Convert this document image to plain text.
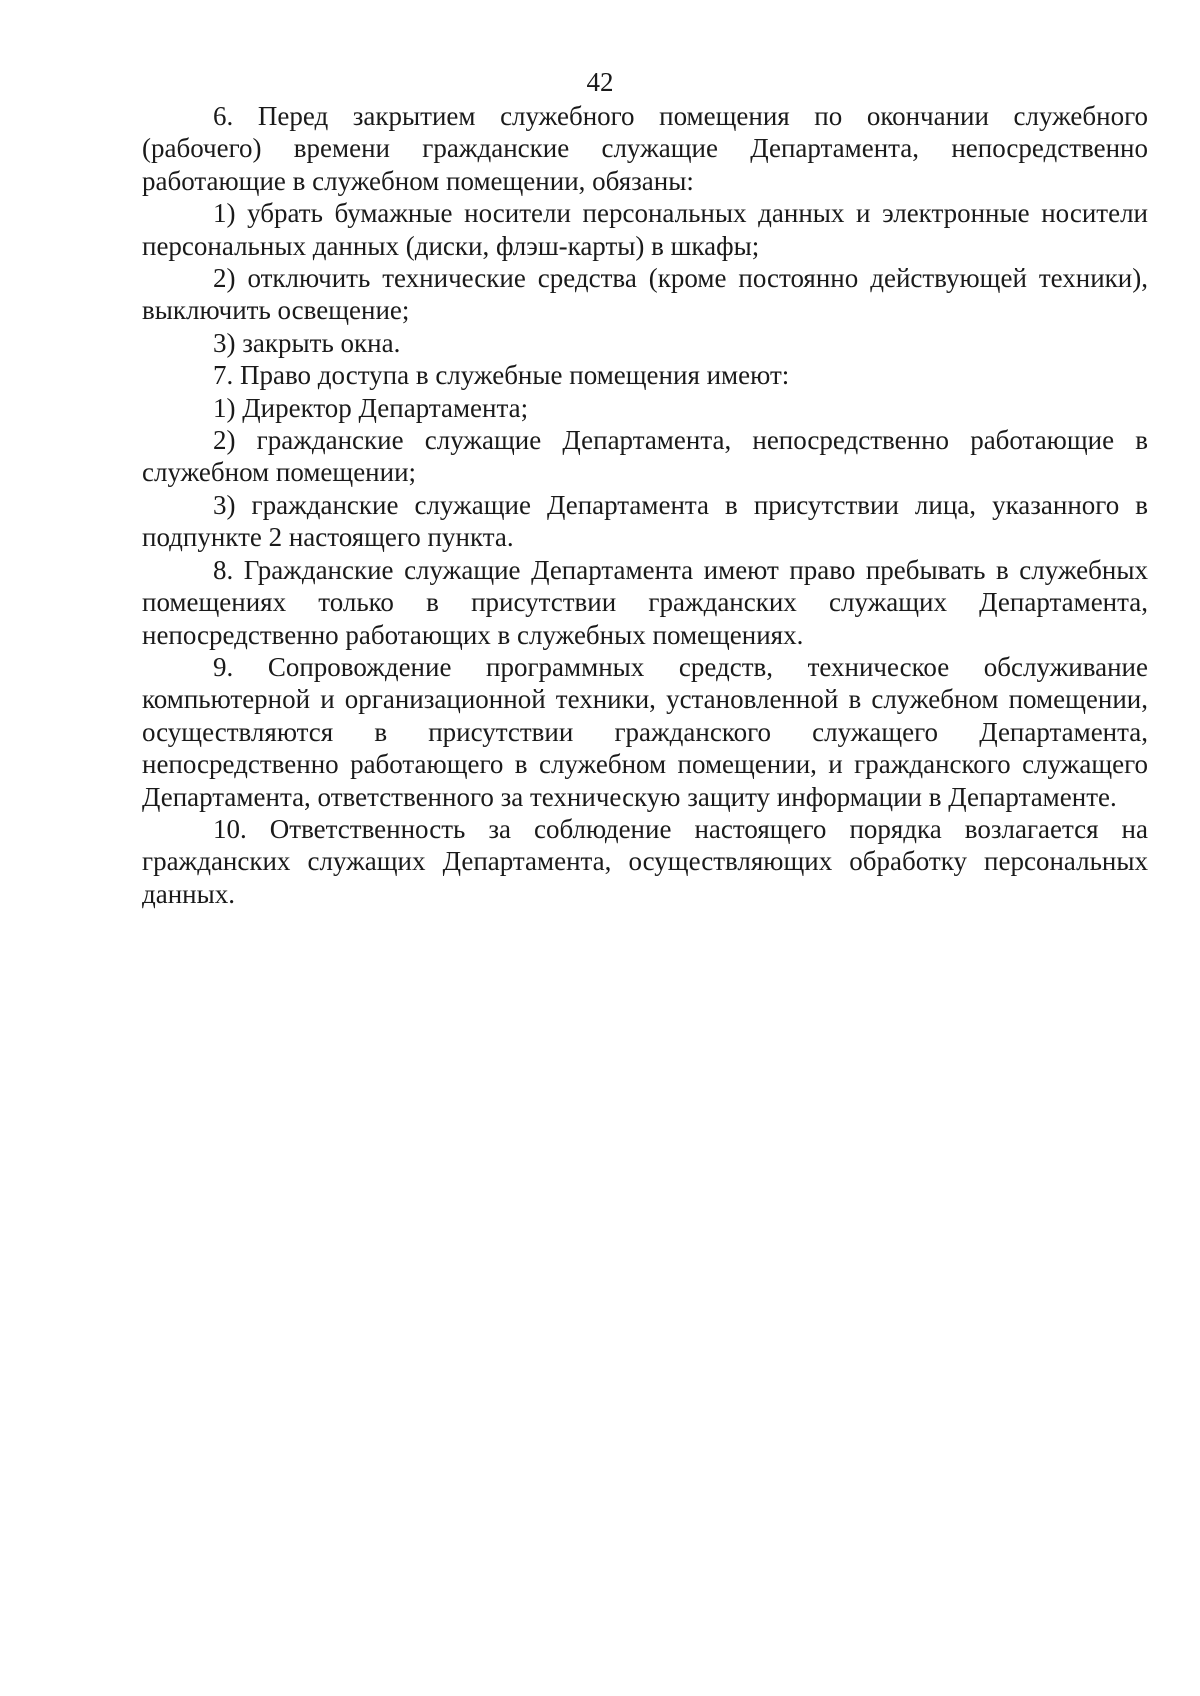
42

6. Перед закрытием служебного помещения по окончании служебного (рабочего) времени гражданские служащие Департамента, непосредственно работающие в служебном помещении, обязаны:

1) убрать бумажные носители персональных данных и электронные носители персональных данных (диски, флэш-карты) в шкафы;

2) отключить технические средства (кроме постоянно действующей техники), выключить освещение;

3) закрыть окна.

7. Право доступа в служебные помещения имеют:

1) Директор Департамента;

2) гражданские служащие Департамента, непосредственно работающие в служебном помещении;

3) гражданские служащие Департамента в присутствии лица, указанного в подпункте 2 настоящего пункта.

8. Гражданские служащие Департамента имеют право пребывать в служебных помещениях только в присутствии гражданских служащих Департамента, непосредственно работающих в служебных помещениях.

9. Сопровождение программных средств, техническое обслуживание компьютерной и организационной техники, установленной в служебном помещении, осуществляются в присутствии гражданского служащего Департамента, непосредственно работающего в служебном помещении, и гражданского служащего Департамента, ответственного за техническую защиту информации в Департаменте.

10. Ответственность за соблюдение настоящего порядка возлагается на гражданских служащих Департамента, осуществляющих обработку персональных данных.
